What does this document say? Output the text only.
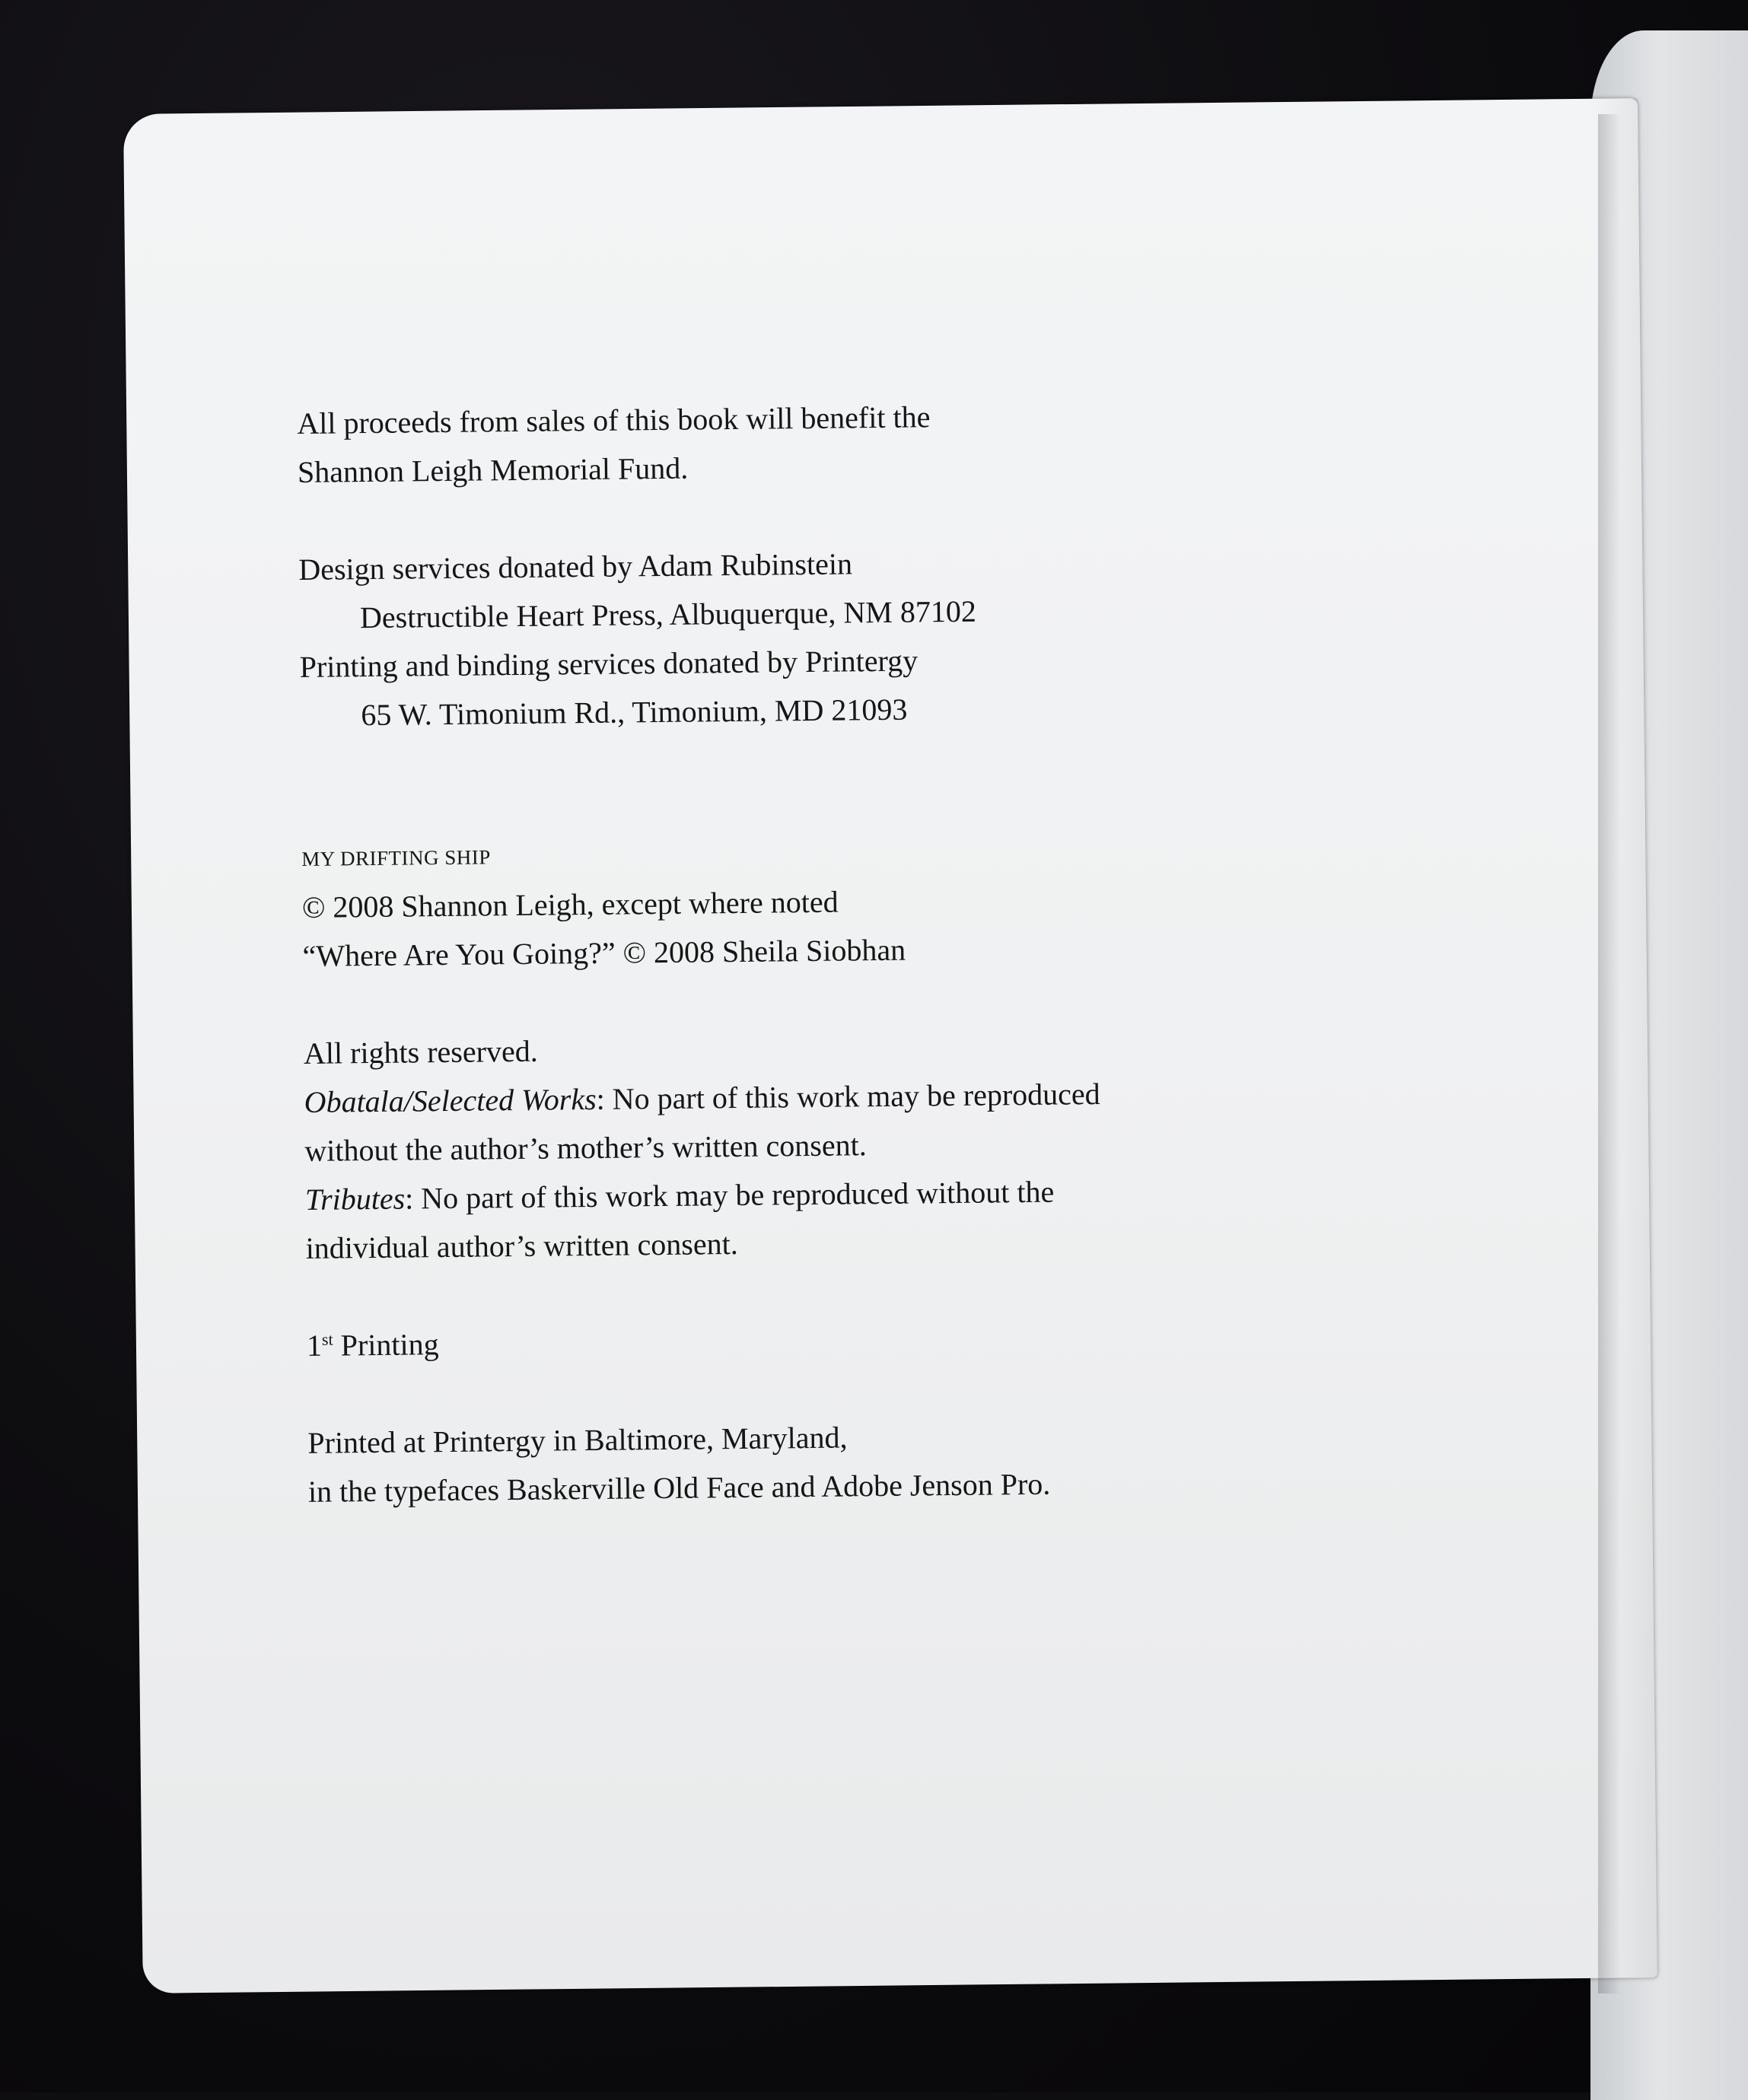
All proceeds from sales of this book will benefit the

Shannon Leigh Memorial Fund.

Design services donated by Adam Rubinstein

Destructible Heart Press, Albuquerque, NM 87102

Printing and binding services donated by Printergy

65 W. Timonium Rd., Timonium, MD 21093

MY DRIFTING SHIP

© 2008 Shannon Leigh, except where noted

“Where Are You Going?” © 2008 Sheila Siobhan

All rights reserved.

Obatala/Selected Works: No part of this work may be reproduced

without the author’s mother’s written consent.

Tributes: No part of this work may be reproduced without the

individual author’s written consent.

1st Printing

Printed at Printergy in Baltimore, Maryland,

in the typefaces Baskerville Old Face and Adobe Jenson Pro.
